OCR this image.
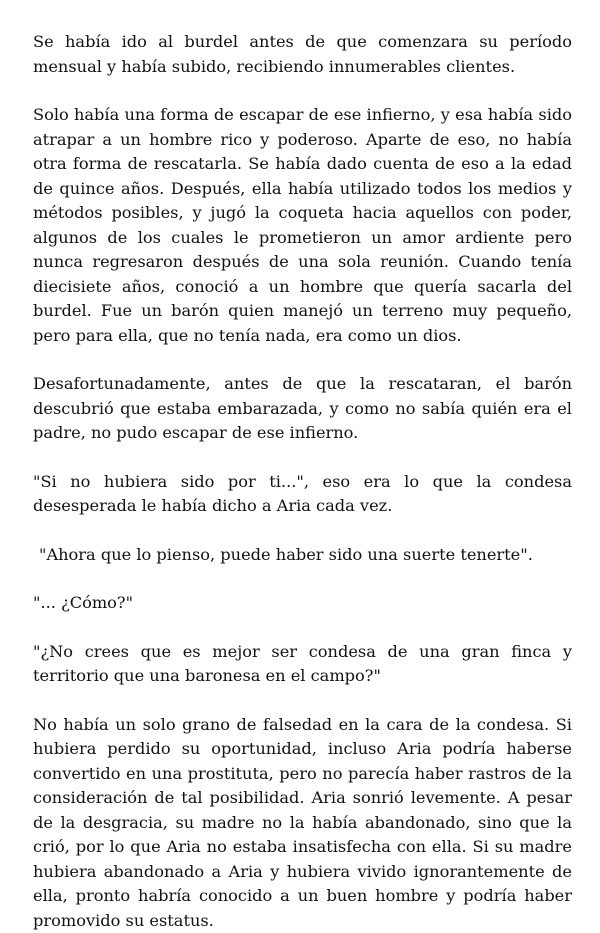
Se había ido al burdel antes de que comenzara su período mensual y había subido, recibiendo innumerables clientes.

Solo había una forma de escapar de ese infierno, y esa había sido atrapar a un hombre rico y poderoso. Aparte de eso, no había otra forma de rescatarla. Se había dado cuenta de eso a la edad de quince años. Después, ella había utilizado todos los medios y métodos posibles, y jugó la coqueta hacia aquellos con poder, algunos de los cuales le prometieron un amor ardiente pero nunca regresaron después de una sola reunión. Cuando tenía diecisiete años, conoció a un hombre que quería sacarla del burdel. Fue un barón quien manejó un terreno muy pequeño, pero para ella, que no tenía nada, era como un dios.

Desafortunadamente, antes de que la rescataran, el barón descubrió que estaba embarazada, y como no sabía quién era el padre, no pudo escapar de ese infierno.

"Si no hubiera sido por ti...", eso era lo que la condesa desesperada le había dicho a Aria cada vez.

"Ahora que lo pienso, puede haber sido una suerte tenerte".

"... ¿Cómo?"

"¿No crees que es mejor ser condesa de una gran finca y territorio que una baronesa en el campo?"

No había un solo grano de falsedad en la cara de la condesa. Si hubiera perdido su oportunidad, incluso Aria podría haberse convertido en una prostituta, pero no parecía haber rastros de la consideración de tal posibilidad. Aria sonrió levemente. A pesar de la desgracia, su madre no la había abandonado, sino que la crió, por lo que Aria no estaba insatisfecha con ella. Si su madre hubiera abandonado a Aria y hubiera vivido ignorantemente de ella, pronto habría conocido a un buen hombre y podría haber promovido su estatus.
